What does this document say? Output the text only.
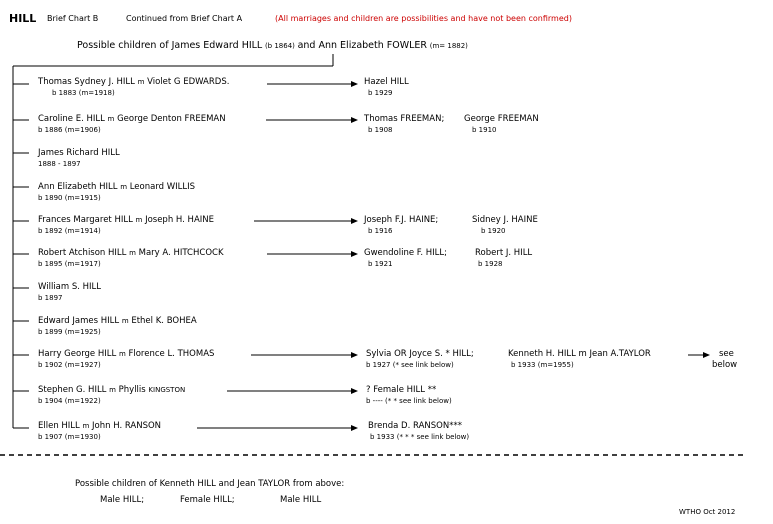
HILL Brief Chart B	Continued from Brief Chart A	(All marriages and children are possibilities and have not been confirmed)
Possible children of James Edward HILL (b 1864) and Ann Elizabeth FOWLER (m= 1882)
Thomas Sydney J. HILL m Violet G EDWARDS.
b 1883 (m=1918)
Hazel HILL
b 1929
Caroline E. HILL m George Denton FREEMAN
b 1886 (m=1906)
Thomas FREEMAN;
b 1908
George FREEMAN
b 1910
James Richard HILL
1888 - 1897
Ann Elizabeth HILL m Leonard WILLIS
b 1890 (m=1915)
Frances Margaret HILL m Joseph H. HAINE
b 1892 (m=1914)
Joseph F.J. HAINE;
b 1916
Sidney J. HAINE
b 1920
Robert Atchison HILL m Mary A. HITCHCOCK
b 1895 (m=1917)
Gwendoline F. HILL;
b 1921
Robert J. HILL
b 1928
William S. HILL
b 1897
Edward James HILL m Ethel K. BOHEA
b 1899 (m=1925)
Harry George HILL m Florence L. THOMAS
b 1902 (m=1927)
Sylvia OR Joyce S. * HILL;
b 1927 (* see link below)
Kenneth H. HILL m Jean A.TAYLOR
b 1933 (m=1955)
see
below
Stephen G. HILL m Phyllis KINGSTON
b 1904 (m=1922)
? Female HILL **
b ---- (* * see link below)
Ellen HILL m John H. RANSON
b 1907 (m=1930)
Brenda D. RANSON***
b 1933 (* * * see link below)
Possible children of Kenneth HILL and Jean TAYLOR from above:
Male HILL;	Female HILL;	Male HILL
WTHO Oct 2012
